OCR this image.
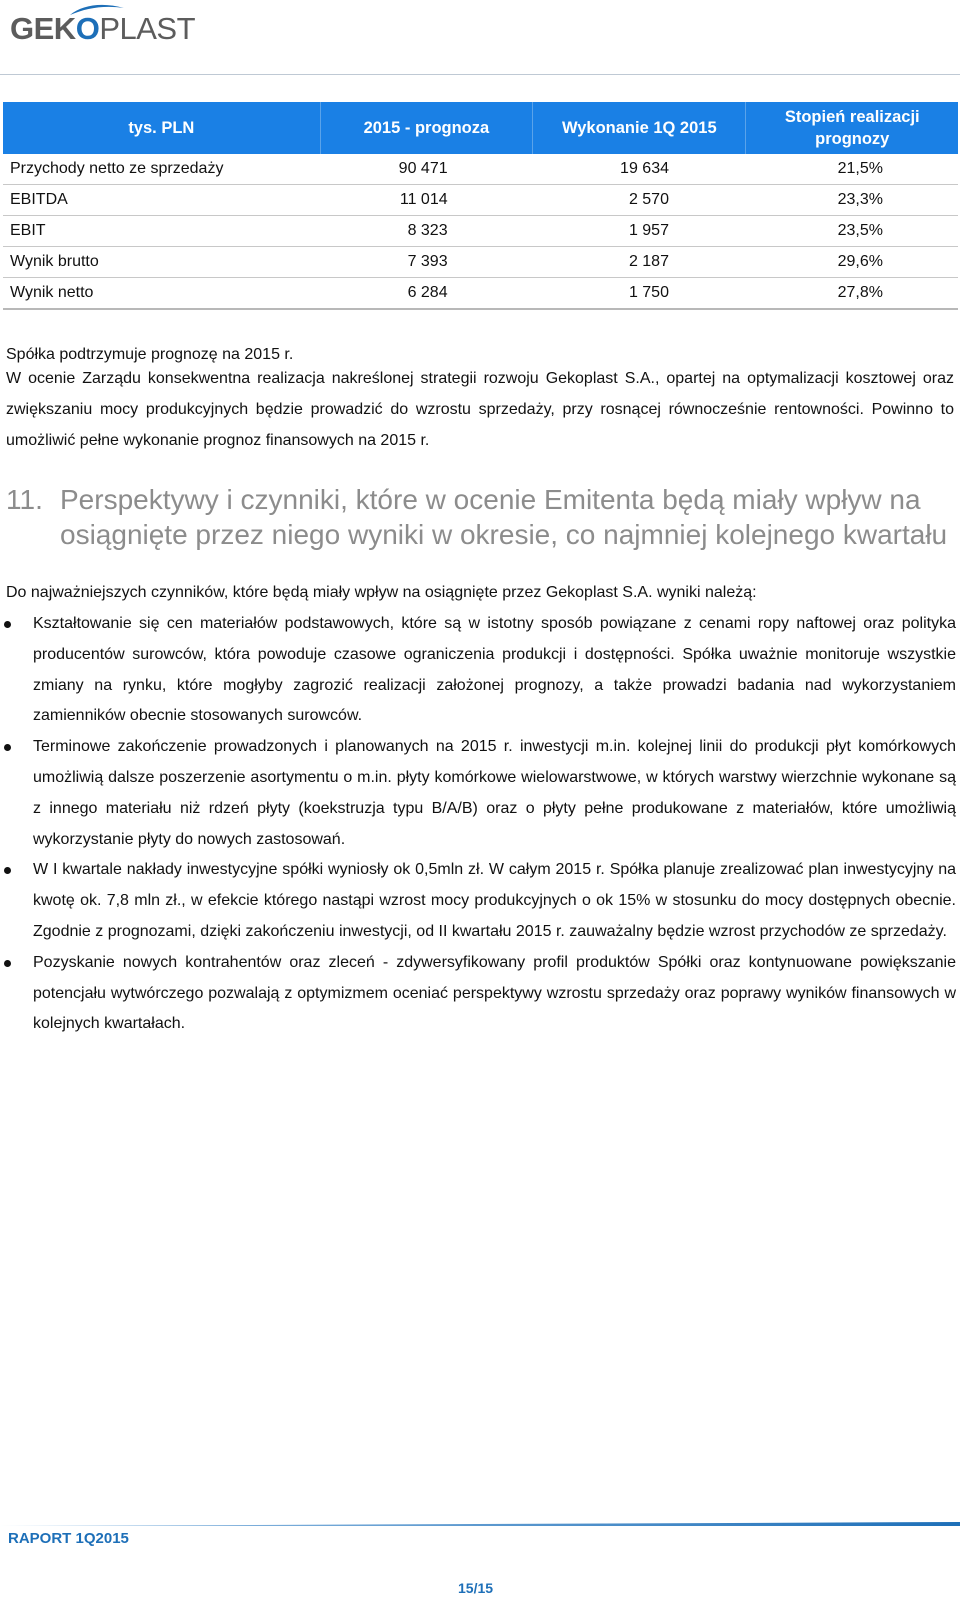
GEKOPLAST
tys. PLN	2015 - prognoza	Wykonanie 1Q 2015	Stopień realizacji prognozy
Przychody netto ze sprzedaży	90 471	19 634	21,5%
EBITDA	11 014	2 570	23,3%
EBIT	8 323	1 957	23,5%
Wynik brutto	7 393	2 187	29,6%
Wynik netto	6 284	1 750	27,8%
Spółka podtrzymuje prognozę na 2015 r.
W ocenie Zarządu konsekwentna realizacja nakreślonej strategii rozwoju Gekoplast S.A., opartej na optymalizacji kosztowej oraz zwiększaniu mocy produkcyjnych będzie prowadzić do wzrostu sprzedaży, przy rosnącej równocześnie rentowności. Powinno to umożliwić pełne wykonanie prognoz finansowych na 2015 r.
11. Perspektywy i czynniki, które w ocenie Emitenta będą miały wpływ na
osiągnięte przez niego wyniki w okresie, co najmniej kolejnego kwartału
Do najważniejszych czynników, które będą miały wpływ na osiągnięte przez Gekoplast S.A. wyniki należą:
Kształtowanie się cen materiałów podstawowych, które są w istotny sposób powiązane z cenami ropy naftowej oraz polityka producentów surowców, która powoduje czasowe ograniczenia produkcji i dostępności. Spółka uważnie monitoruje wszystkie zmiany na rynku, które mogłyby zagrozić realizacji założonej prognozy, a także prowadzi badania nad wykorzystaniem zamienników obecnie stosowanych surowców.
Terminowe zakończenie prowadzonych i planowanych na 2015 r. inwestycji m.in. kolejnej linii do produkcji płyt komórkowych umożliwią dalsze poszerzenie asortymentu o m.in. płyty komórkowe wielowarstwowe, w których warstwy wierzchnie wykonane są z innego materiału niż rdzeń płyty (koekstruzja typu B/A/B) oraz o płyty pełne produkowane z materiałów, które umożliwią wykorzystanie płyty do nowych zastosowań.
W I kwartale nakłady inwestycyjne spółki wyniosły ok 0,5mln zł. W całym 2015 r. Spółka planuje zrealizować plan inwestycyjny na kwotę ok. 7,8 mln zł., w efekcie którego nastąpi wzrost mocy produkcyjnych o ok 15% w stosunku do mocy dostępnych obecnie. Zgodnie z prognozami, dzięki zakończeniu inwestycji, od II kwartału 2015 r. zauważalny będzie wzrost przychodów ze sprzedaży.
Pozyskanie nowych kontrahentów oraz zleceń - zdywersyfikowany profil produktów Spółki oraz kontynuowane powiększanie potencjału wytwórczego pozwalają z optymizmem oceniać perspektywy wzrostu sprzedaży oraz poprawy wyników finansowych w kolejnych kwartałach.
RAPORT 1Q2015
15/15
